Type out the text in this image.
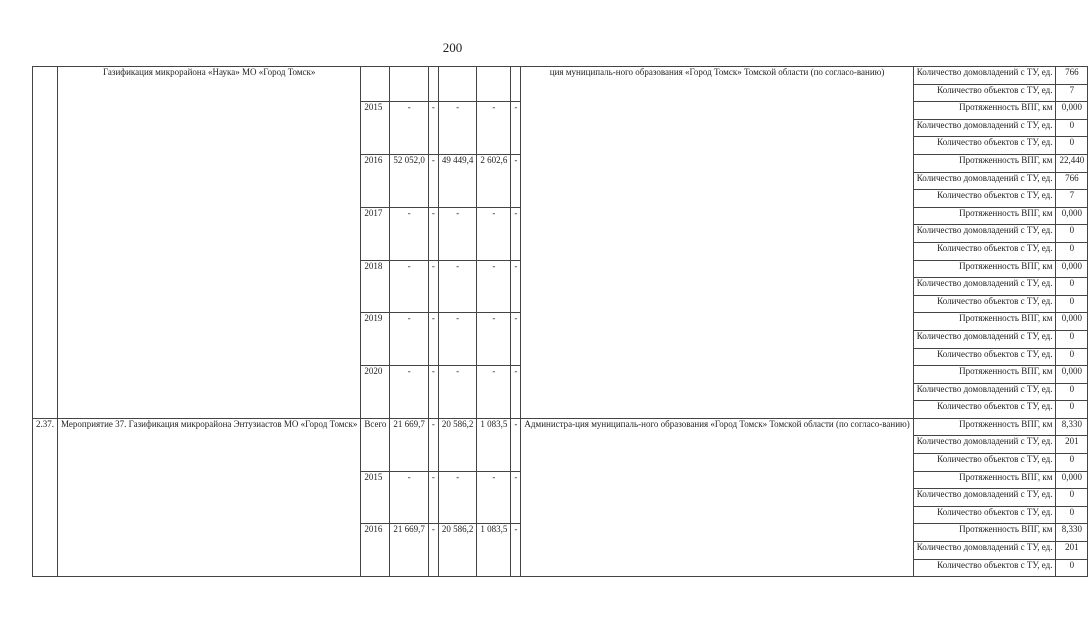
200
	Газификация микрорайона «Наука» МО «Город Томск»							ция муниципаль-ного образования «Город Томск» Томской области (по согласо-ванию)	Количество домовладений с ТУ, ед.	766
									Количество объектов с ТУ, ед.	7
		2015	-	-	-	-	-		Протяженность ВПГ, км	0,000
									Количество домовладений с ТУ, ед.	0
									Количество объектов с ТУ, ед.	0
		2016	52 052,0	-	49 449,4	2 602,6	-		Протяженность ВПГ, км	22,440
									Количество домовладений с ТУ, ед.	766
									Количество объектов с ТУ, ед.	7
		2017	-	-	-	-	-		Протяженность ВПГ, км	0,000
									Количество домовладений с ТУ, ед.	0
									Количество объектов с ТУ, ед.	0
		2018	-	-	-	-	-		Протяженность ВПГ, км	0,000
									Количество домовладений с ТУ, ед.	0
									Количество объектов с ТУ, ед.	0
		2019	-	-	-	-	-		Протяженность ВПГ, км	0,000
									Количество домовладений с ТУ, ед.	0
									Количество объектов с ТУ, ед.	0
		2020	-	-	-	-	-		Протяженность ВПГ, км	0,000
									Количество домовладений с ТУ, ед.	0
									Количество объектов с ТУ, ед.	0
2.37.	Мероприятие 37. Газификация микрорайона Энтузиастов МО «Город Томск»	Всего	21 669,7	-	20 586,2	1 083,5	-	Администра-ция муниципаль-ного образования «Город Томск» Томской области (по согласо-ванию)	Протяженность ВПГ, км	8,330
									Количество домовладений с ТУ, ед.	201
									Количество объектов с ТУ, ед.	0
		2015	-	-	-	-	-		Протяженность ВПГ, км	0,000
									Количество домовладений с ТУ, ед.	0
									Количество объектов с ТУ, ед.	0
		2016	21 669,7	-	20 586,2	1 083,5	-		Протяженность ВПГ, км	8,330
									Количество домовладений с ТУ, ед.	201
									Количество объектов с ТУ, ед.	0
